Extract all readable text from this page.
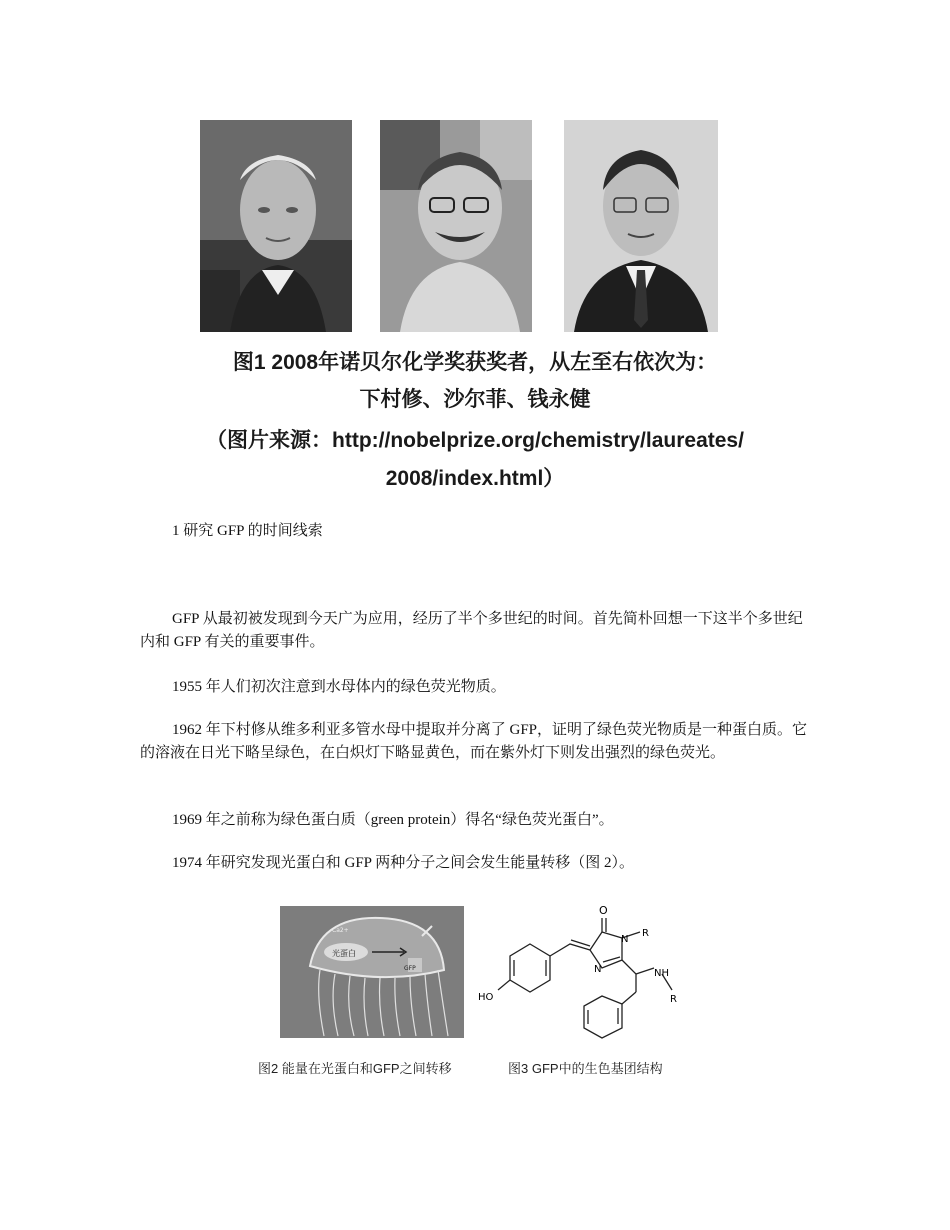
图1 2008年诺贝尔化学奖获奖者，从左至右依次为：
下村修、沙尔菲、钱永健
（图片来源：http://nobelprize.org/chemistry/laureates/
2008/index.html）
1 研究 GFP 的时间线索
GFP 从最初被发现到今天广为应用，经历了半个多世纪的时间。首先简朴回想一下这半个多世纪内和 GFP 有关的重要事件。
1955 年人们初次注意到水母体内的绿色荧光物质。
1962 年下村修从维多利亚多管水母中提取并分离了 GFP，证明了绿色荧光物质是一种蛋白质。它的溶液在日光下略呈绿色，在白炽灯下略显黄色，而在紫外灯下则发出强烈的绿色荧光。
1969 年之前称为绿色蛋白质（green protein）得名“绿色荧光蛋白”。
1974 年研究发现光蛋白和 GFP 两种分子之间会发生能量转移（图 2）。
光蛋白
GFP
Ca2+
O
N
R
N	NH
R
HO
图2 能量在光蛋白和GFP之间转移	图3 GFP中的生色基团结构
